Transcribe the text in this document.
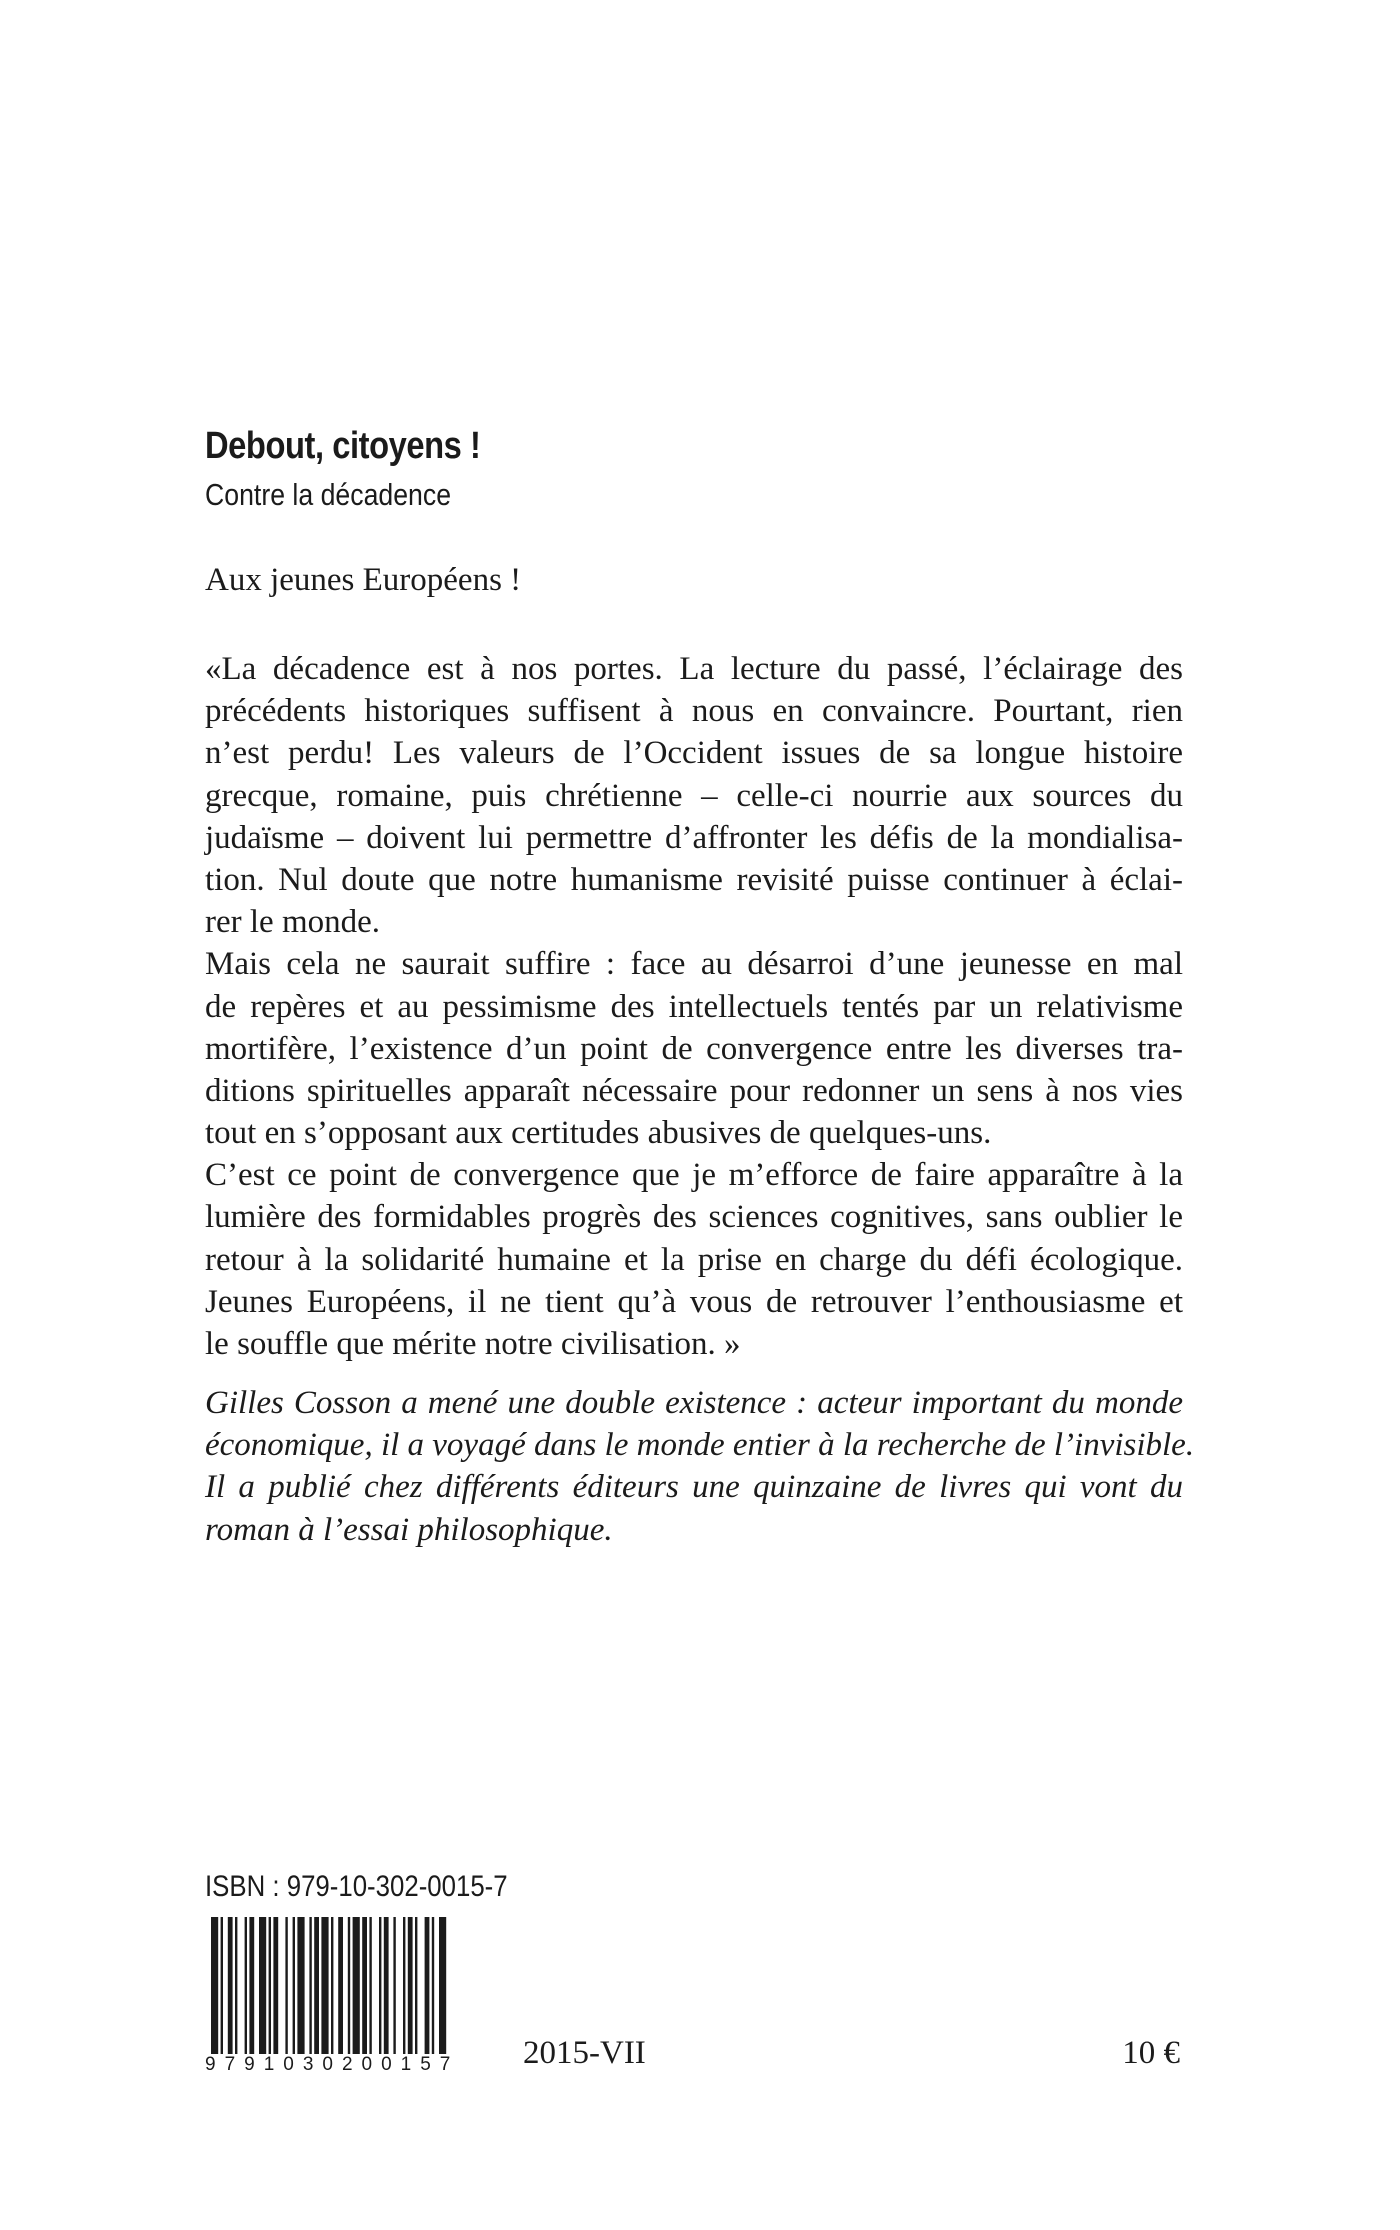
Debout, citoyens !
Contre la décadence
Aux jeunes Européens !
«La décadence est à nos portes. La lecture du passé, l’éclairage des
précédents historiques suffisent à nous en convaincre. Pourtant, rien
n’est perdu! Les valeurs de l’Occident issues de sa longue histoire
grecque, romaine, puis chrétienne – celle-ci nourrie aux sources du
judaïsme – doivent lui permettre d’affronter les défis de la mondialisa-
tion. Nul doute que notre humanisme revisité puisse continuer à éclai-
rer le monde.
Mais cela ne saurait suffire : face au désarroi d’une jeunesse en mal
de repères et au pessimisme des intellectuels tentés par un relativisme
mortifère, l’existence d’un point de convergence entre les diverses tra-
ditions spirituelles apparaît nécessaire pour redonner un sens à nos vies
tout en s’opposant aux certitudes abusives de quelques-uns.
C’est ce point de convergence que je m’efforce de faire apparaître à la
lumière des formidables progrès des sciences cognitives, sans oublier le
retour à la solidarité humaine et la prise en charge du défi écologique.
Jeunes Européens, il ne tient qu’à vous de retrouver l’enthousiasme et
le souffle que mérite notre civilisation. »
Gilles Cosson a mené une double existence : acteur important du monde
économique, il a voyagé dans le monde entier à la recherche de l’invisible.
Il a publié chez différents éditeurs une quinzaine de livres qui vont du
roman à l’essai philosophique.
ISBN : 979-10-302-0015-7
9791030200157	2015-VII	10 €
